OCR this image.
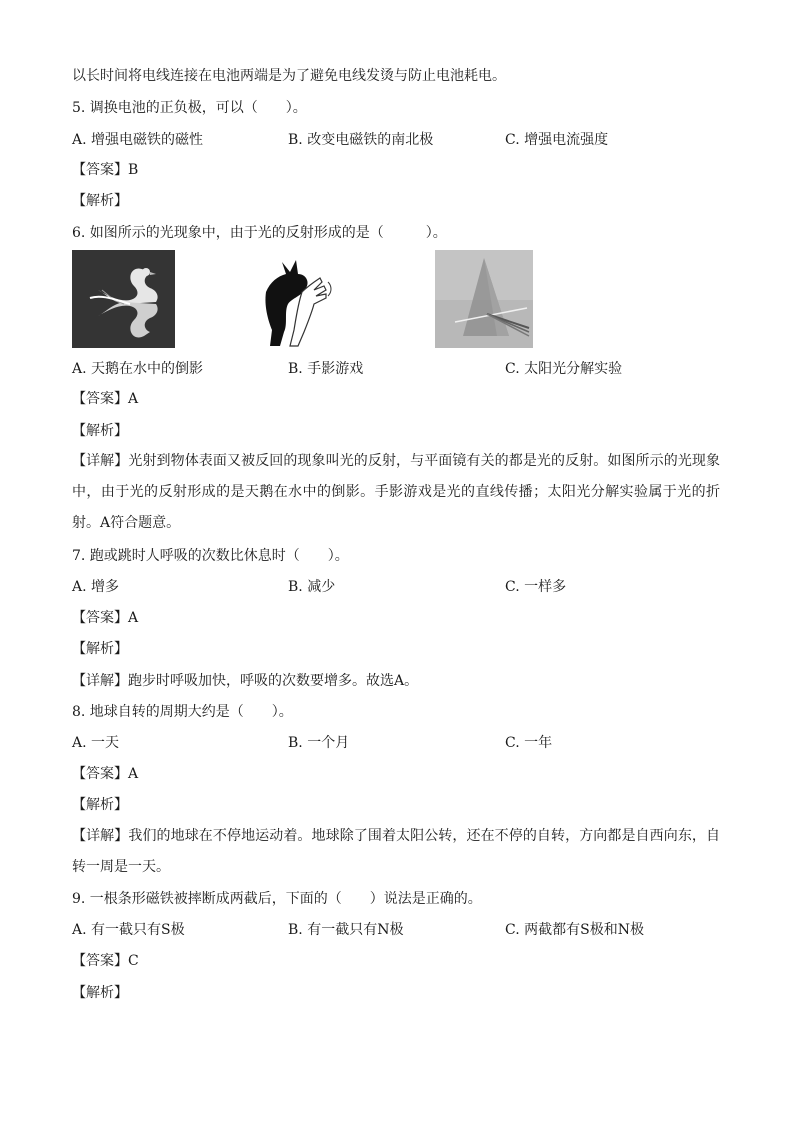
以长时间将电线连接在电池两端是为了避免电线发烫与防止电池耗电。
5. 调换电池的正负极，可以（　　）。
A. 增强电磁铁的磁性	B. 改变电磁铁的南北极	C. 增强电流强度
【答案】B
【解析】
6. 如图所示的光现象中，由于光的反射形成的是（　　　）。
A. 天鹅在水中的倒影	B. 手影游戏	C. 太阳光分解实验
【答案】A
【解析】
【详解】光射到物体表面又被反回的现象叫光的反射，与平面镜有关的都是光的反射。如图所示的光现象中，由于光的反射形成的是天鹅在水中的倒影。手影游戏是光的直线传播；太阳光分解实验属于光的折射。A符合题意。
7. 跑或跳时人呼吸的次数比休息时（　　）。
A. 增多	B. 减少	C. 一样多
【答案】A
【解析】
【详解】跑步时呼吸加快，呼吸的次数要增多。故选A。
8. 地球自转的周期大约是（　　）。
A. 一天	B. 一个月	C. 一年
【答案】A
【解析】
【详解】我们的地球在不停地运动着。地球除了围着太阳公转，还在不停的自转，方向都是自西向东，自转一周是一天。
9. 一根条形磁铁被摔断成两截后，下面的（　　）说法是正确的。
A. 有一截只有S极	B. 有一截只有N极	C. 两截都有S极和N极
【答案】C
【解析】
